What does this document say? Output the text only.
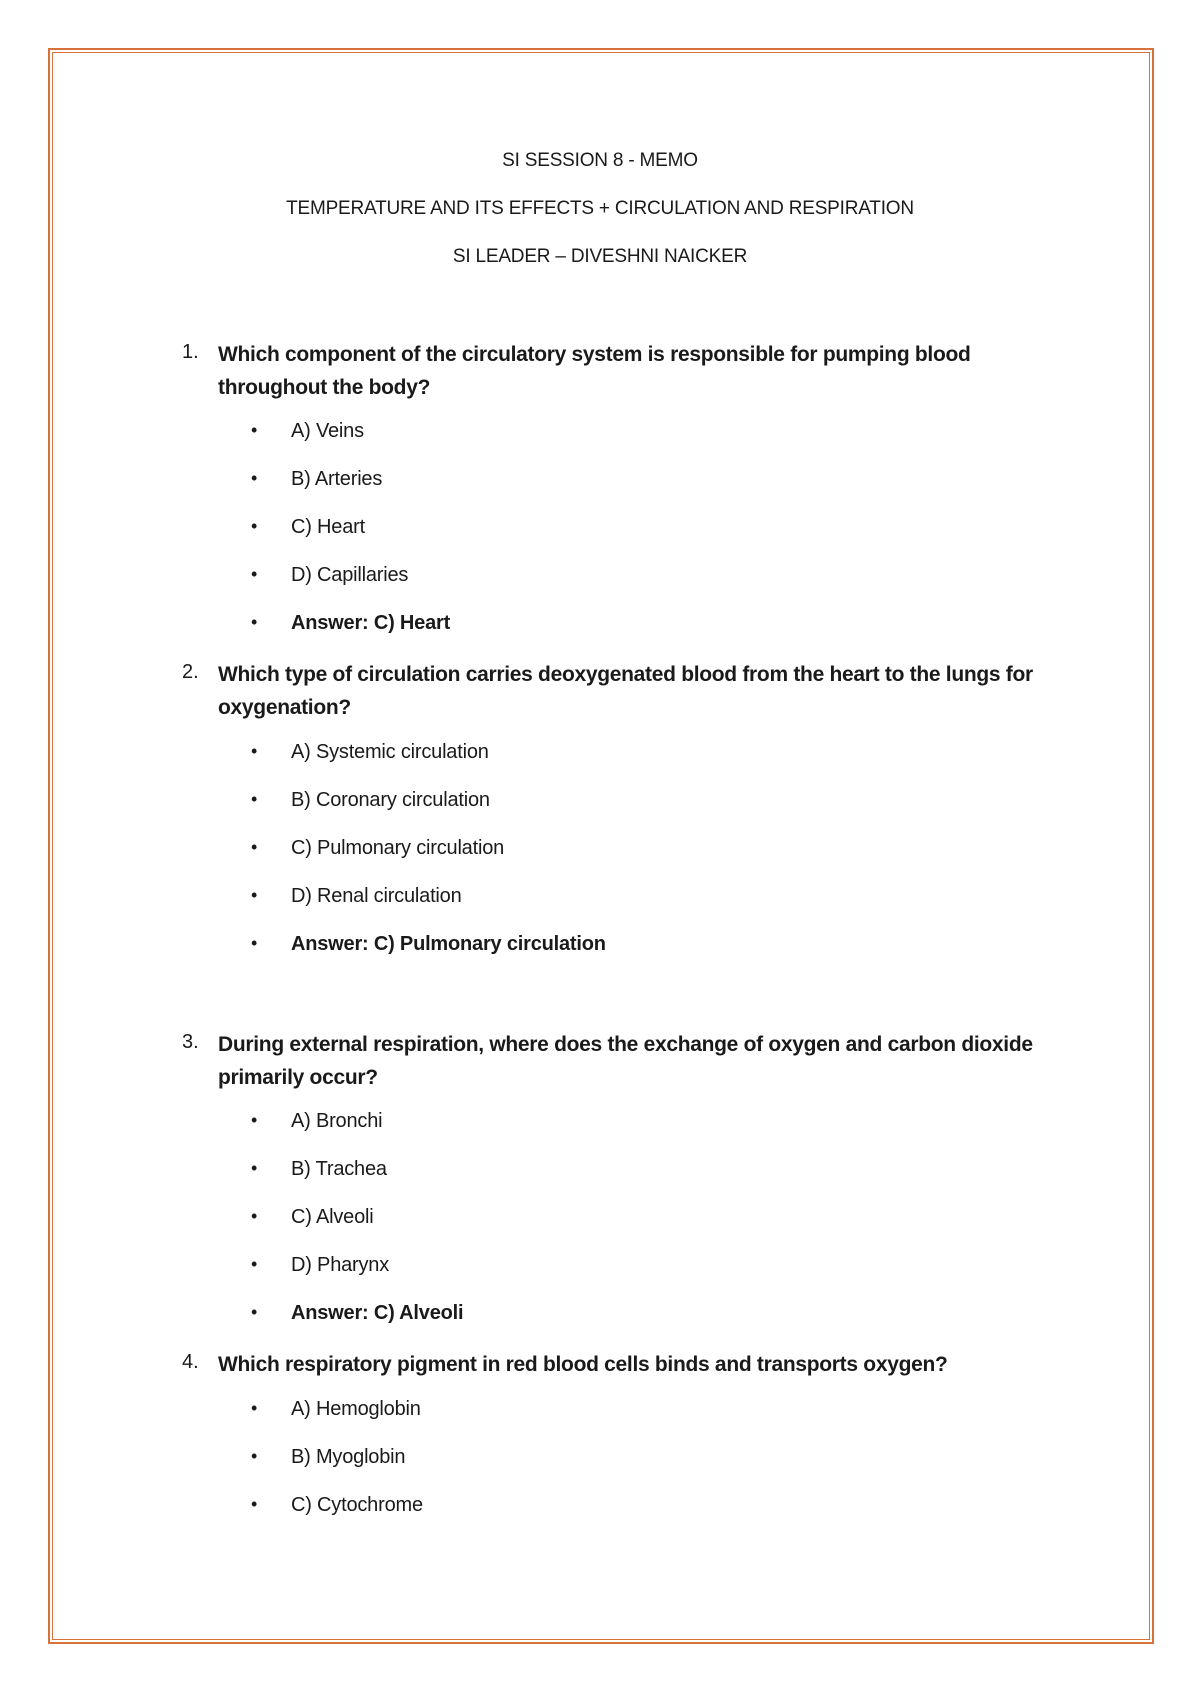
SI SESSION 8 - MEMO
TEMPERATURE AND ITS EFFECTS + CIRCULATION AND RESPIRATION
SI LEADER – DIVESHNI NAICKER
1. Which component of the circulatory system is responsible for pumping blood throughout the body?
• A) Veins
• B) Arteries
• C) Heart
• D) Capillaries
• Answer: C) Heart
2. Which type of circulation carries deoxygenated blood from the heart to the lungs for oxygenation?
• A) Systemic circulation
• B) Coronary circulation
• C) Pulmonary circulation
• D) Renal circulation
• Answer: C) Pulmonary circulation
3. During external respiration, where does the exchange of oxygen and carbon dioxide primarily occur?
• A) Bronchi
• B) Trachea
• C) Alveoli
• D) Pharynx
• Answer: C) Alveoli
4. Which respiratory pigment in red blood cells binds and transports oxygen?
• A) Hemoglobin
• B) Myoglobin
• C) Cytochrome
